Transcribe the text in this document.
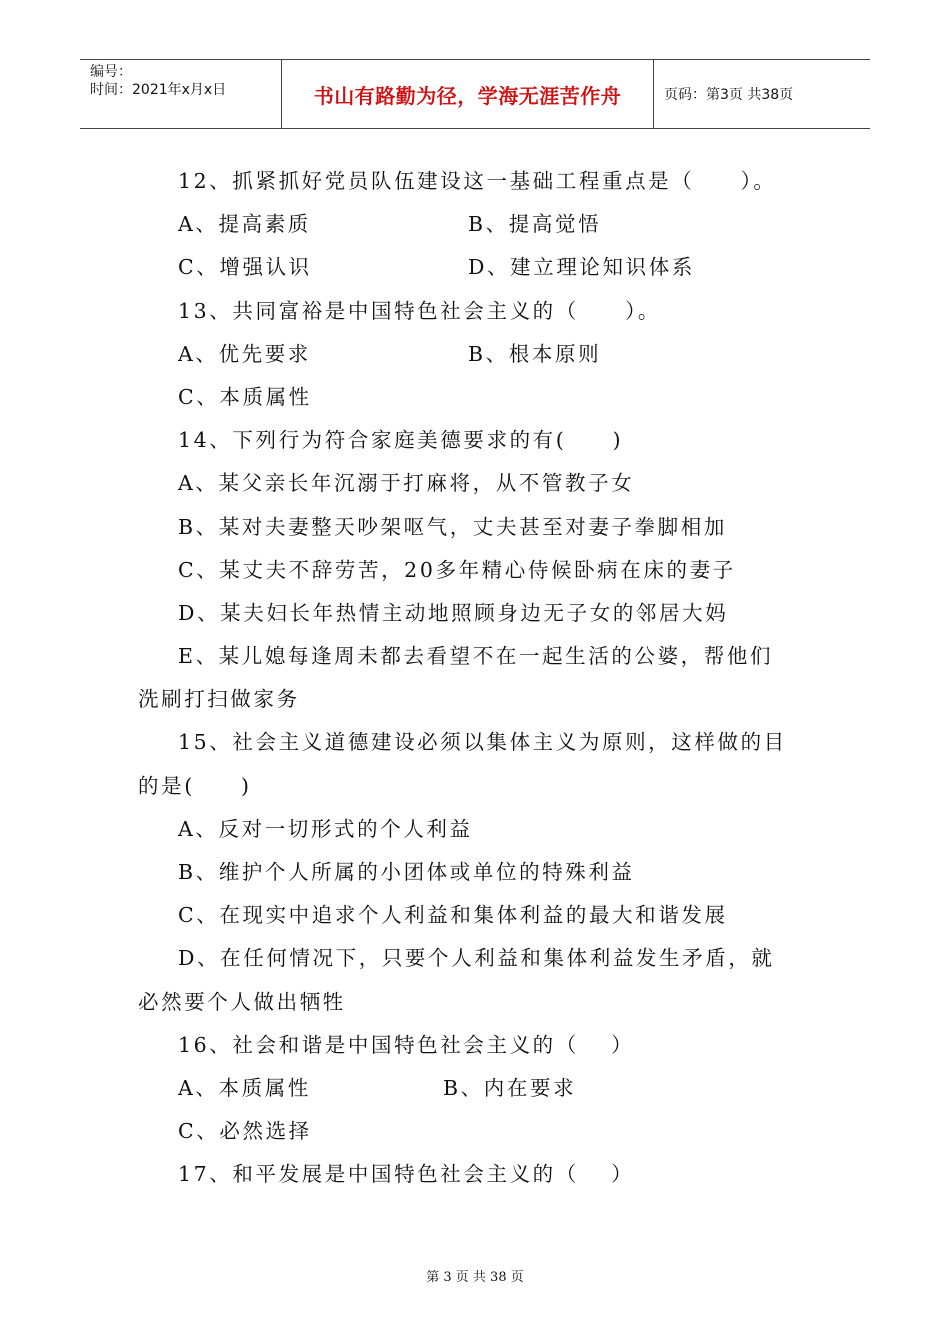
编号：
时间：2021年x月x日	书山有路勤为径，学海无涯苦作舟	页码：第3页 共38页
12、抓紧抓好党员队伍建设这一基础工程重点是（　　）。
A、提高素质	B、提高觉悟
C、增强认识	D、建立理论知识体系
13、共同富裕是中国特色社会主义的（　　）。
A、优先要求	B、根本原则
C、本质属性
14、下列行为符合家庭美德要求的有(　　)
A、某父亲长年沉溺于打麻将，从不管教子女
B、某对夫妻整天吵架呕气，丈夫甚至对妻子拳脚相加
C、某丈夫不辞劳苦，20多年精心侍候卧病在床的妻子
D、某夫妇长年热情主动地照顾身边无子女的邻居大妈
E、某儿媳每逢周未都去看望不在一起生活的公婆，帮他们
洗刷打扫做家务
15、社会主义道德建设必须以集体主义为原则，这样做的目
的是(　　)
A、反对一切形式的个人利益
B、维护个人所属的小团体或单位的特殊利益
C、在现实中追求个人利益和集体利益的最大和谐发展
D、在任何情况下，只要个人利益和集体利益发生矛盾，就
必然要个人做出牺牲
16、社会和谐是中国特色社会主义的（　 ）
A、本质属性	B、内在要求
C、必然选择
17、和平发展是中国特色社会主义的（　 ）
第 3 页 共 38 页
